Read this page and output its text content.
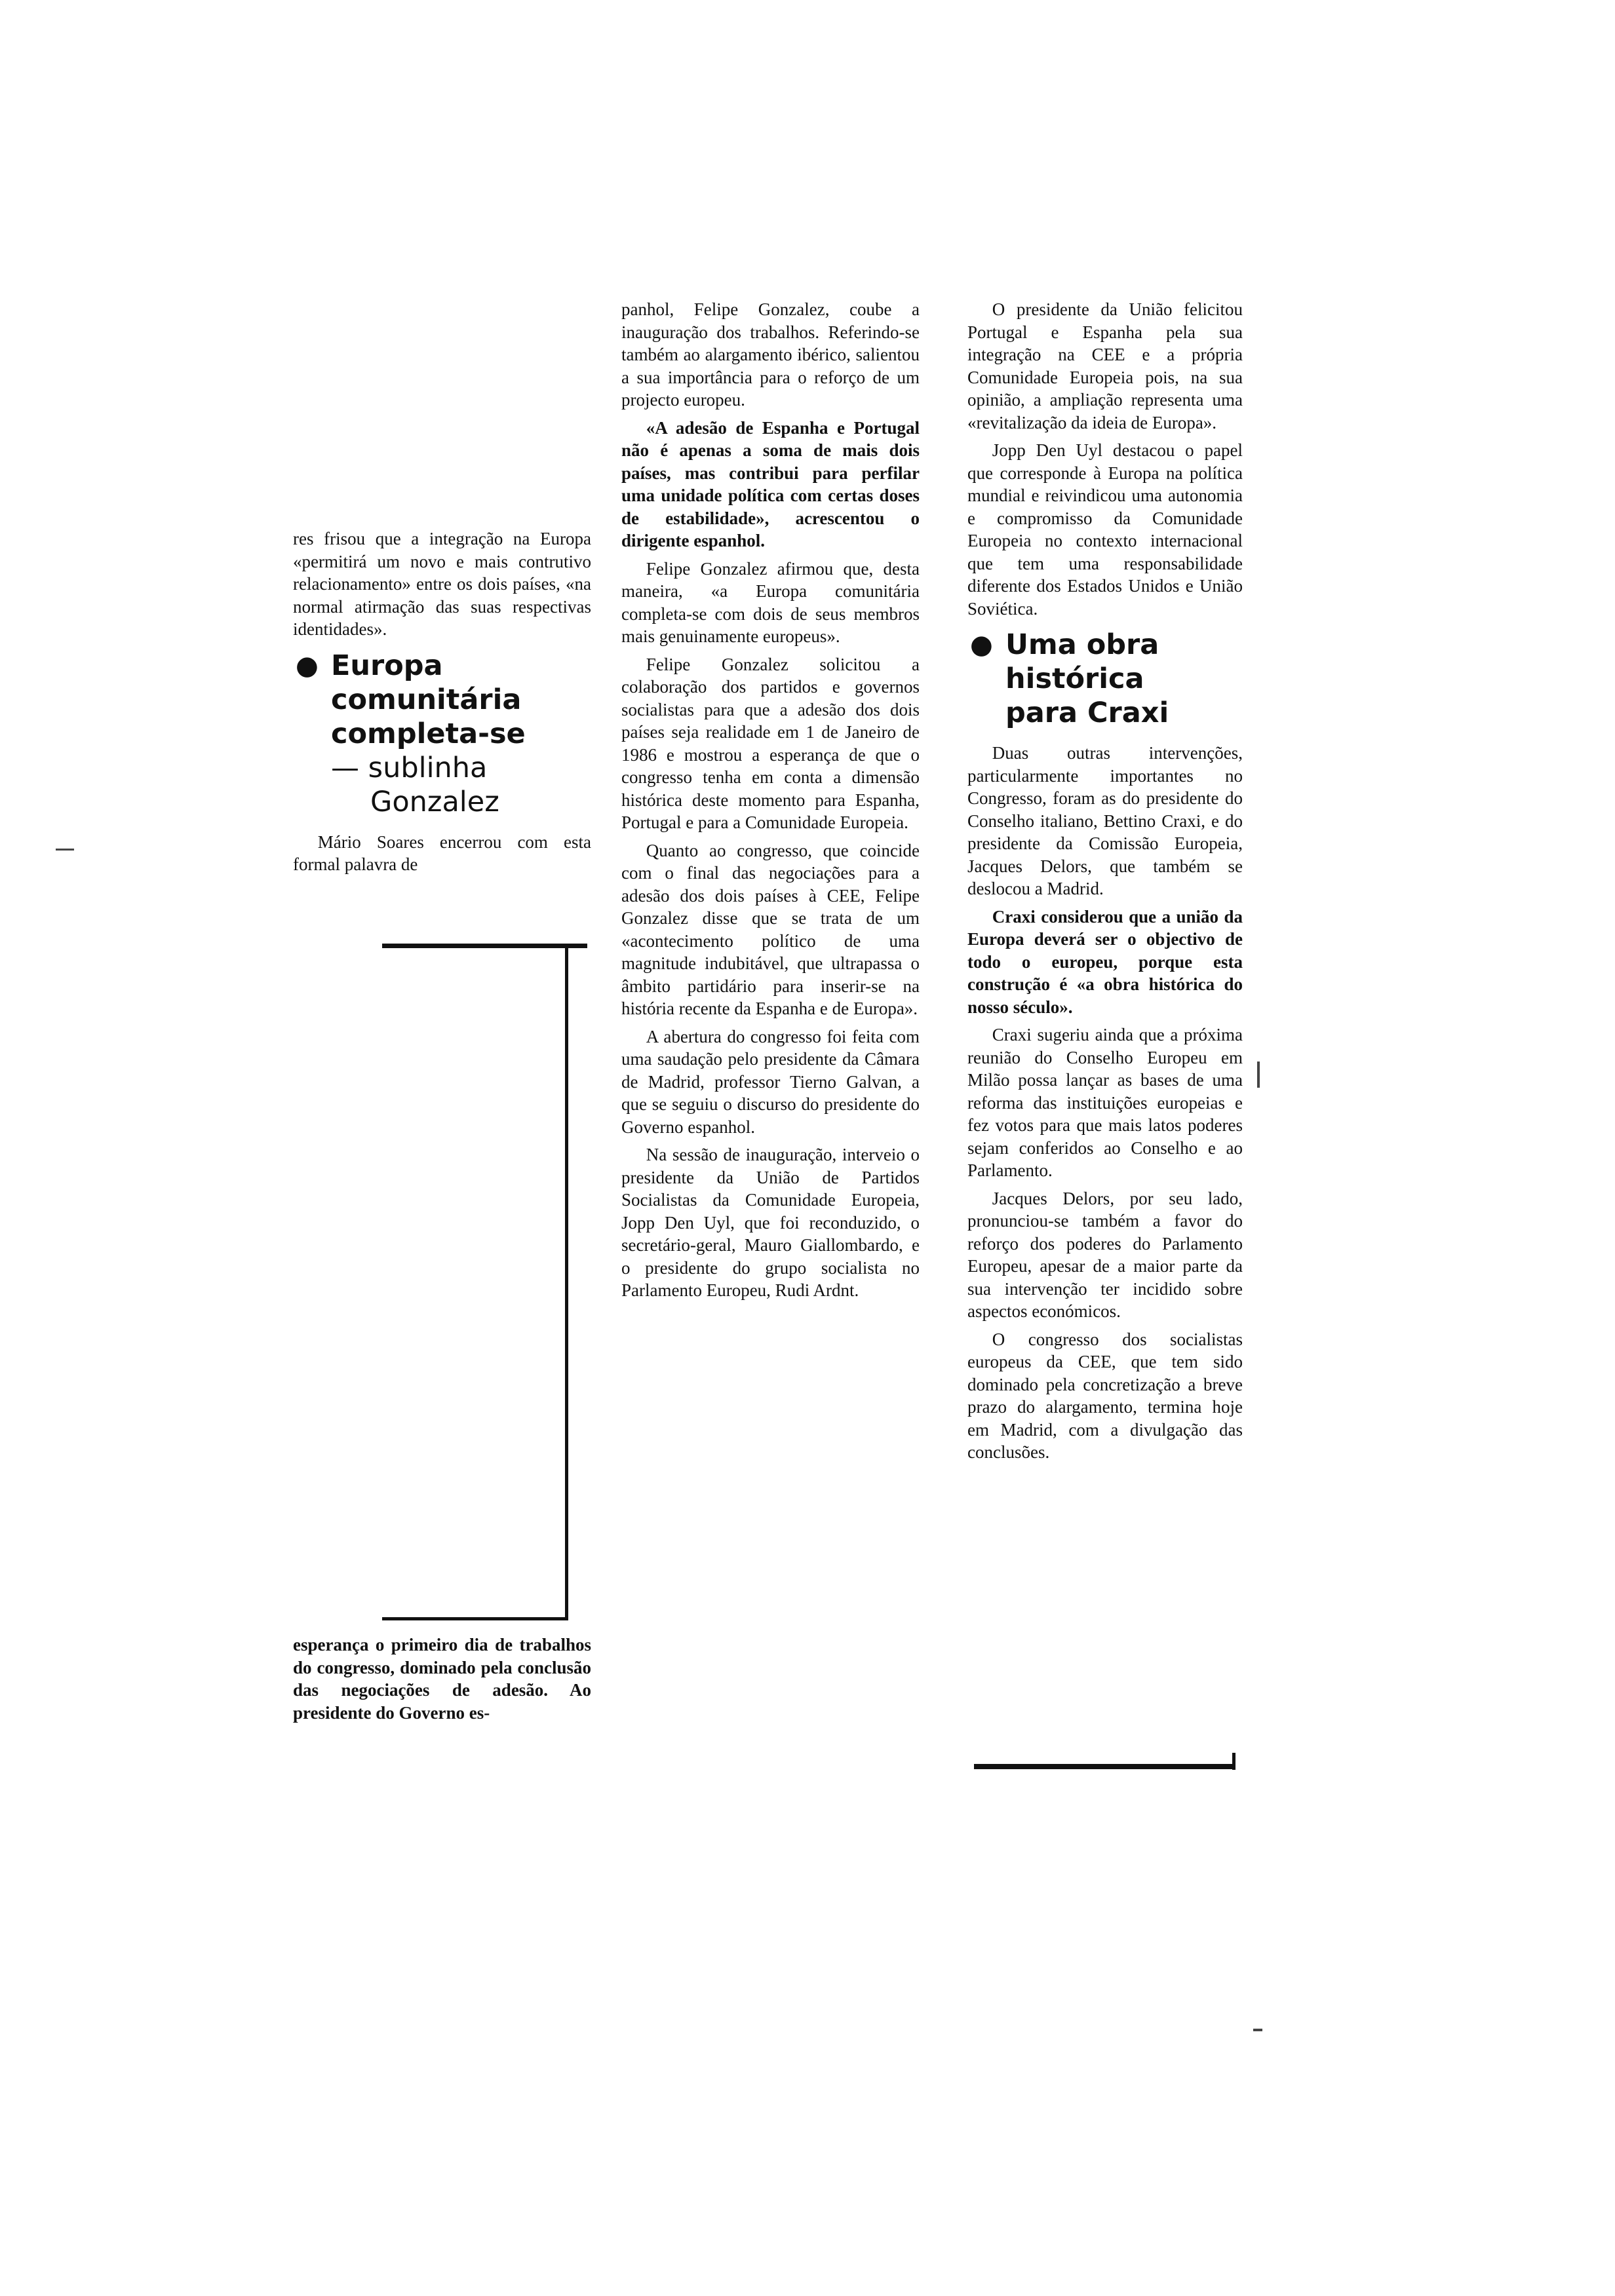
res frisou que a integração na Europa «permitirá um novo e mais contrutivo relacionamento» entre os dois países, «na normal atirmação das suas respectivas identidades».

● Europa
comunitária
completa-se
— sublinha
Gonzalez

Mário Soares encerrou com esta formal palavra de

esperança o primeiro dia de trabalhos do congresso, dominado pela conclusão das negociações de adesão. Ao presidente do Governo es-

panhol, Felipe Gonzalez, coube a inauguração dos trabalhos. Referindo-se também ao alargamento ibérico, salientou a sua importância para o reforço de um projecto europeu.

«A adesão de Espanha e Portugal não é apenas a soma de mais dois países, mas contribui para perfilar uma unidade política com certas doses de estabilidade», acrescentou o dirigente espanhol.

Felipe Gonzalez afirmou que, desta maneira, «a Europa comunitária completa-se com dois de seus membros mais genuinamente europeus».

Felipe Gonzalez solicitou a colaboração dos partidos e governos socialistas para que a adesão dos dois países seja realidade em 1 de Janeiro de 1986 e mostrou a esperança de que o congresso tenha em conta a dimensão histórica deste momento para Espanha, Portugal e para a Comunidade Europeia.

Quanto ao congresso, que coincide com o final das negociações para a adesão dos dois países à CEE, Felipe Gonzalez disse que se trata de um «acontecimento político de uma magnitude indubitável, que ultrapassa o âmbito partidário para inserir-se na história recente da Espanha e de Europa».

A abertura do congresso foi feita com uma saudação pelo presidente da Câmara de Madrid, professor Tierno Galvan, a que se seguiu o discurso do presidente do Governo espanhol.

Na sessão de inauguração, interveio o presidente da União de Partidos Socialistas da Comunidade Europeia, Jopp Den Uyl, que foi reconduzido, o secretário-geral, Mauro Giallombardo, e o presidente do grupo socialista no Parlamento Europeu, Rudi Ardnt.

O presidente da União felicitou Portugal e Espanha pela sua integração na CEE e a própria Comunidade Europeia pois, na sua opinião, a ampliação representa uma «revitalização da ideia de Europa».

Jopp Den Uyl destacou o papel que corresponde à Europa na política mundial e reivindicou uma autonomia e compromisso da Comunidade Europeia no contexto internacional que tem uma responsabilidade diferente dos Estados Unidos e União Soviética.

● Uma obra
histórica
para Craxi

Duas outras intervenções, particularmente importantes no Congresso, foram as do presidente do Conselho italiano, Bettino Craxi, e do presidente da Comissão Europeia, Jacques Delors, que também se deslocou a Madrid.

Craxi considerou que a união da Europa deverá ser o objectivo de todo o europeu, porque esta construção é «a obra histórica do nosso século».

Craxi sugeriu ainda que a próxima reunião do Conselho Europeu em Milão possa lançar as bases de uma reforma das instituições europeias e fez votos para que mais latos poderes sejam conferidos ao Conselho e ao Parlamento.

Jacques Delors, por seu lado, pronunciou-se também a favor do reforço dos poderes do Parlamento Europeu, apesar de a maior parte da sua intervenção ter incidido sobre aspectos económicos.

O congresso dos socialistas europeus da CEE, que tem sido dominado pela concretização a breve prazo do alargamento, termina hoje em Madrid, com a divulgação das conclusões.
